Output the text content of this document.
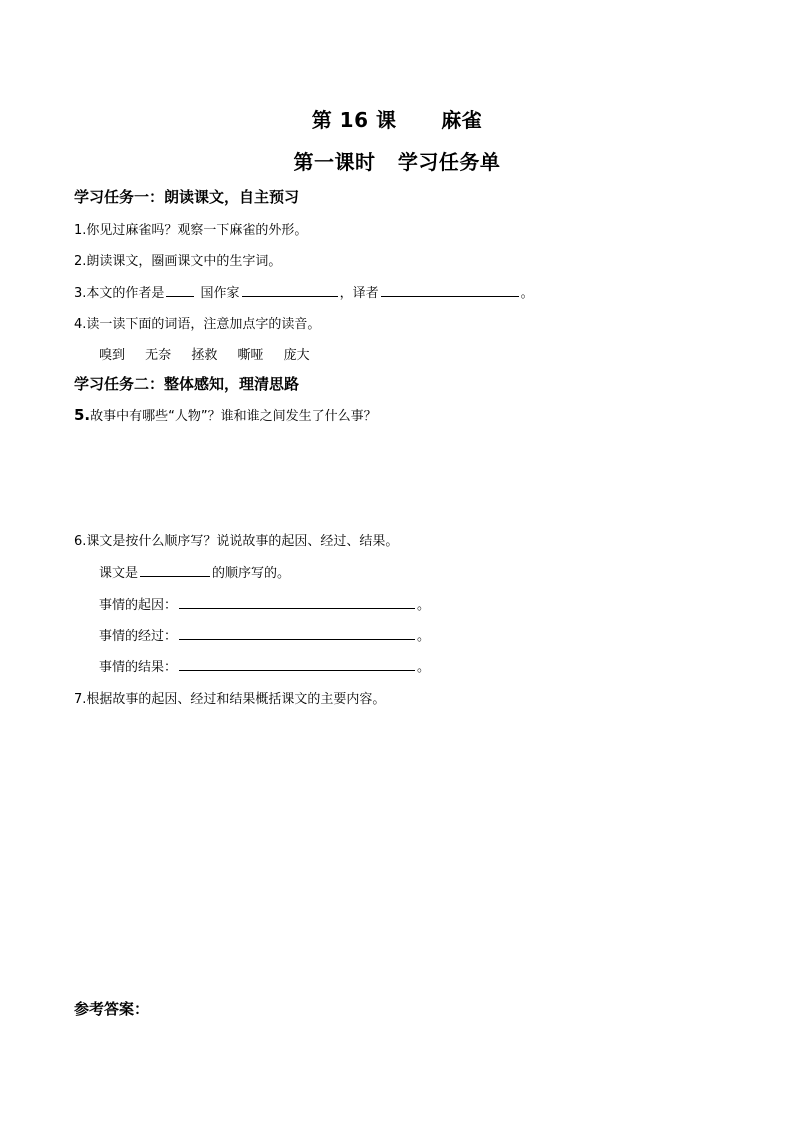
第 16 课      麻雀
第一课时   学习任务单
学习任务一：朗读课文，自主预习
1.你见过麻雀吗？观察一下麻雀的外形。
2.朗读课文，圈画课文中的生字词。
3.本文的作者是	国作家	，译者	。
4.读一读下面的词语，注意加点字的读音。
嗅到 无奈 拯救 嘶哑 庞大
学习任务二：整体感知，理清思路
5.故事中有哪些“人物”？谁和谁之间发生了什么事？
6.课文是按什么顺序写？说说故事的起因、经过、结果。
课文是	的顺序写的。
事情的起因：	。
事情的经过：	。
事情的结果：	。
7.根据故事的起因、经过和结果概括课文的主要内容。
参考答案：
